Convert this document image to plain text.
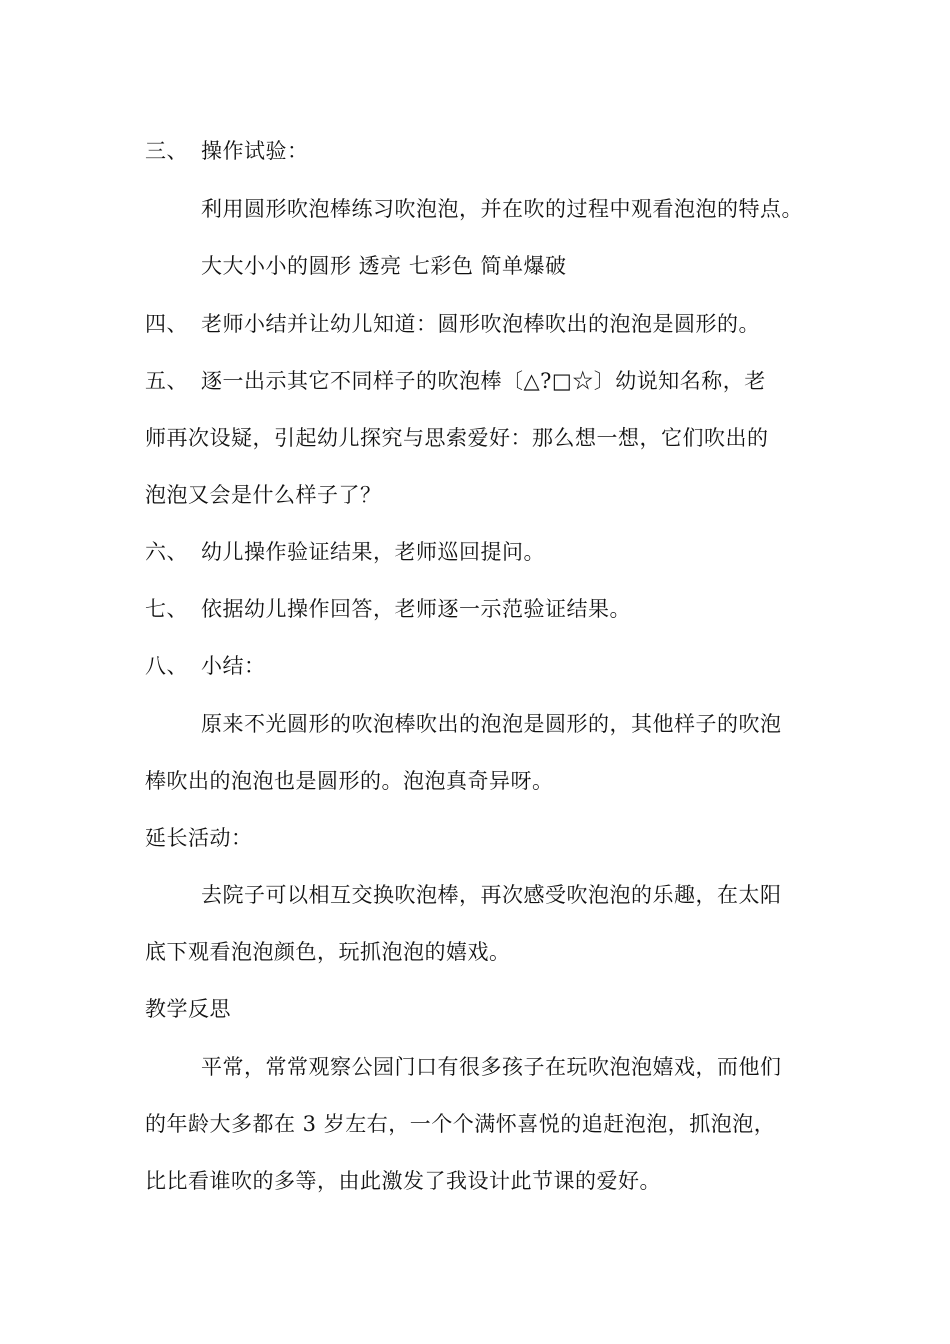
三、 操作试验：
利用圆形吹泡棒练习吹泡泡，并在吹的过程中观看泡泡的特点。
大大小小的圆形 透亮 七彩色 简单爆破
四、 老师小结并让幼儿知道：圆形吹泡棒吹出的泡泡是圆形的。
五、 逐一出示其它不同样子的吹泡棒〔△?□☆〕幼说知名称，老
师再次设疑，引起幼儿探究与思索爱好：那么想一想，它们吹出的
泡泡又会是什么样子了？
六、 幼儿操作验证结果，老师巡回提问。
七、 依据幼儿操作回答，老师逐一示范验证结果。
八、 小结：
原来不光圆形的吹泡棒吹出的泡泡是圆形的，其他样子的吹泡
棒吹出的泡泡也是圆形的。泡泡真奇异呀。
延长活动：
去院子可以相互交换吹泡棒，再次感受吹泡泡的乐趣，在太阳
底下观看泡泡颜色，玩抓泡泡的嬉戏。
教学反思
平常，常常观察公园门口有很多孩子在玩吹泡泡嬉戏，而他们
的年龄大多都在 3 岁左右，一个个满怀喜悦的追赶泡泡，抓泡泡，
比比看谁吹的多等，由此激发了我设计此节课的爱好。
